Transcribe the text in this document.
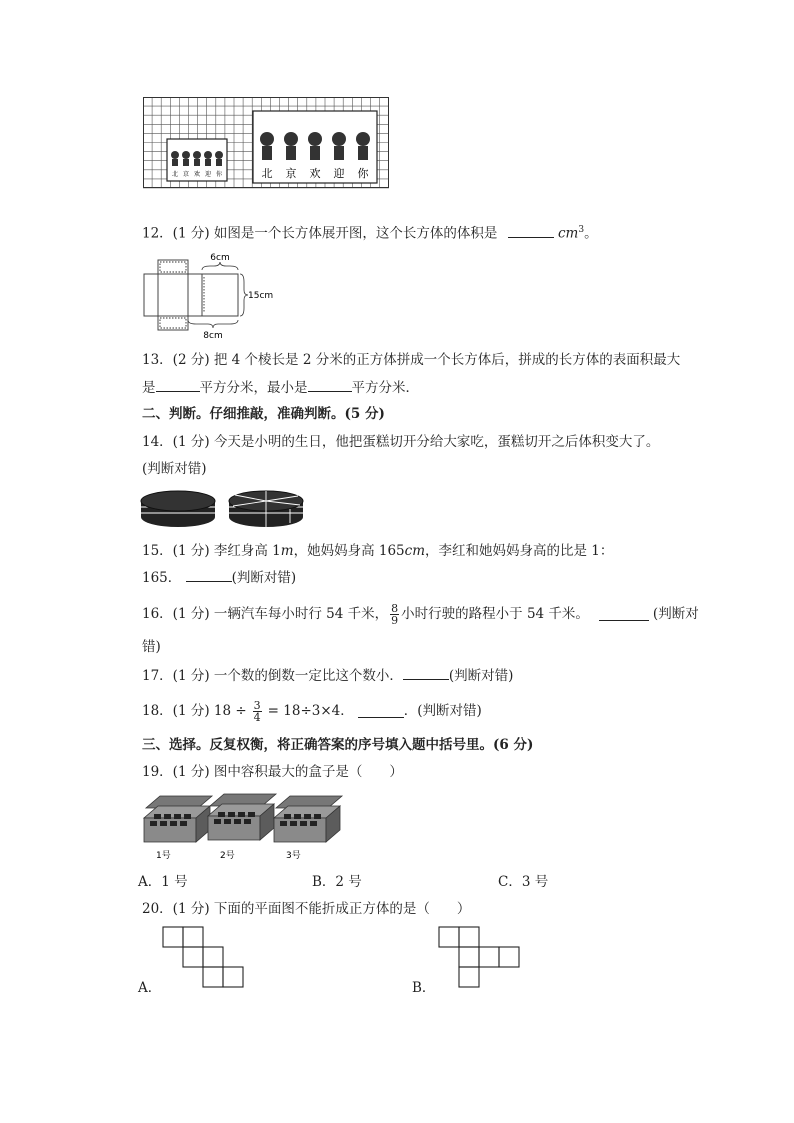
北 京 欢 迎 你	北 京 欢 迎 你
12．(1 分) 如图是一个长方体展开图，这个长方体的体积是	$cm^3$。
6cm
15cm
8cm
13．(2 分) 把 4 个棱长是 2 分米的正方体拼成一个长方体后，拼成的长方体的表面积最大
是	平方分米，最小是	平方分米．
二、判断。仔细推敲，准确判断。(5 分)
14．(1 分) 今天是小明的生日，他把蛋糕切开分给大家吃，蛋糕切开之后体积变大了。
(判断对错)
15．(1 分) 李红身高 1m，她妈妈身高 165cm，李红和她妈妈身高的比是 1：
165．	(判断对错)
16．(1 分) 一辆汽车每小时行 54 千米， $\frac{8}{9}$ 小时行驶的路程小于 54 千米。	(判断对
错)
17．(1 分) 一个数的倒数一定比这个数小．	(判断对错)
18．(1 分) $18 \div \frac{3}{4} = 18\div 3\times 4$．	．(判断对错)
三、选择。反复权衡，将正确答案的序号填入题中括号里。(6 分)
19．(1 分) 图中容积最大的盒子是（　　）
1号	2号	3号
A．1 号	B．2 号	C．3 号
20．(1 分) 下面的平面图不能折成正方体的是（　　）
A．	B．
